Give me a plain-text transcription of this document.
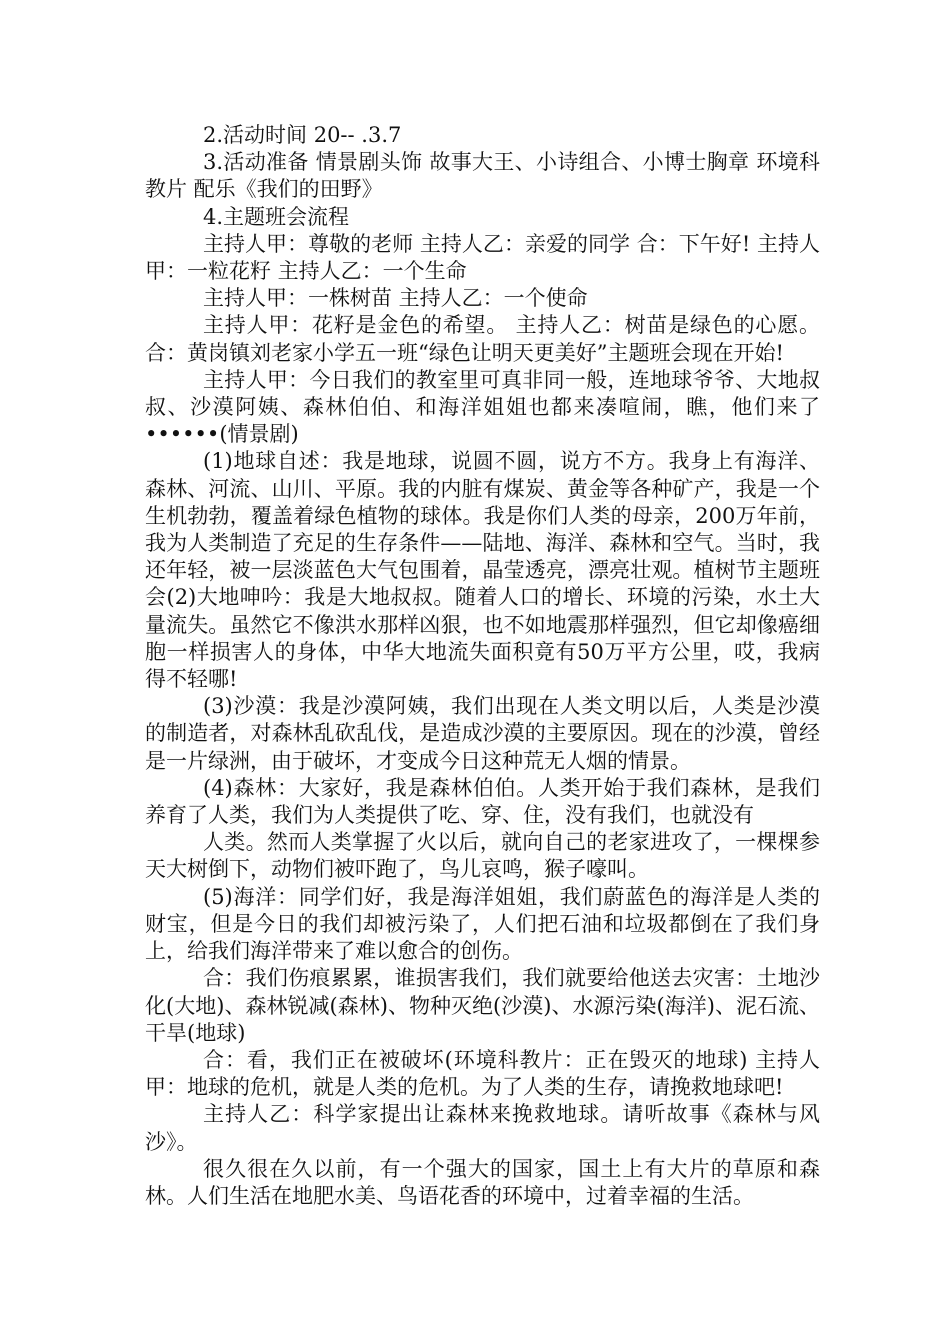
2.活动时间 20-- .3.7

3.活动准备 情景剧头饰 故事大王、小诗组合、小博士胸章 环境科教片 配乐《我们的田野》

4.主题班会流程

主持人甲：尊敬的老师 主持人乙：亲爱的同学 合：下午好! 主持人甲：一粒花籽 主持人乙：一个生命

主持人甲：一株树苗 主持人乙：一个使命

主持人甲：花籽是金色的希望。 主持人乙：树苗是绿色的心愿。 合：黄岗镇刘老家小学五一班“绿色让明天更美好”主题班会现在开始!

主持人甲：今日我们的教室里可真非同一般，连地球爷爷、大地叔叔、沙漠阿姨、森林伯伯、和海洋姐姐也都来凑喧闹，瞧，他们来了••••••(情景剧)

(1)地球自述：我是地球，说圆不圆，说方不方。我身上有海洋、森林、河流、山川、平原。我的内脏有煤炭、黄金等各种矿产，我是一个生机勃勃，覆盖着绿色植物的球体。我是你们人类的母亲，200万年前，我为人类制造了充足的生存条件——陆地、海洋、森林和空气。当时，我还年轻，被一层淡蓝色大气包围着，晶莹透亮，漂亮壮观。植树节主题班会(2)大地呻吟：我是大地叔叔。随着人口的增长、环境的污染，水土大量流失。虽然它不像洪水那样凶狠，也不如地震那样强烈，但它却像癌细胞一样损害人的身体，中华大地流失面积竟有50万平方公里，哎，我病得不轻哪!

(3)沙漠：我是沙漠阿姨，我们出现在人类文明以后，人类是沙漠的制造者，对森林乱砍乱伐，是造成沙漠的主要原因。现在的沙漠，曾经是一片绿洲，由于破坏，才变成今日这种荒无人烟的情景。

(4)森林：大家好，我是森林伯伯。人类开始于我们森林，是我们养育了人类，我们为人类提供了吃、穿、住，没有我们，也就没有

人类。然而人类掌握了火以后，就向自己的老家进攻了，一棵棵参天大树倒下，动物们被吓跑了，鸟儿哀鸣，猴子嚎叫。

(5)海洋：同学们好，我是海洋姐姐，我们蔚蓝色的海洋是人类的财宝，但是今日的我们却被污染了，人们把石油和垃圾都倒在了我们身上，给我们海洋带来了难以愈合的创伤。

合：我们伤痕累累，谁损害我们，我们就要给他送去灾害：土地沙化(大地)、森林锐减(森林)、物种灭绝(沙漠)、水源污染(海洋)、泥石流、干旱(地球)

合：看，我们正在被破坏(环境科教片：正在毁灭的地球) 主持人甲：地球的危机，就是人类的危机。为了人类的生存，请挽救地球吧!

主持人乙：科学家提出让森林来挽救地球。请听故事《森林与风沙》。

很久很在久以前，有一个强大的国家，国土上有大片的草原和森林。人们生活在地肥水美、鸟语花香的环境中，过着幸福的生活。
